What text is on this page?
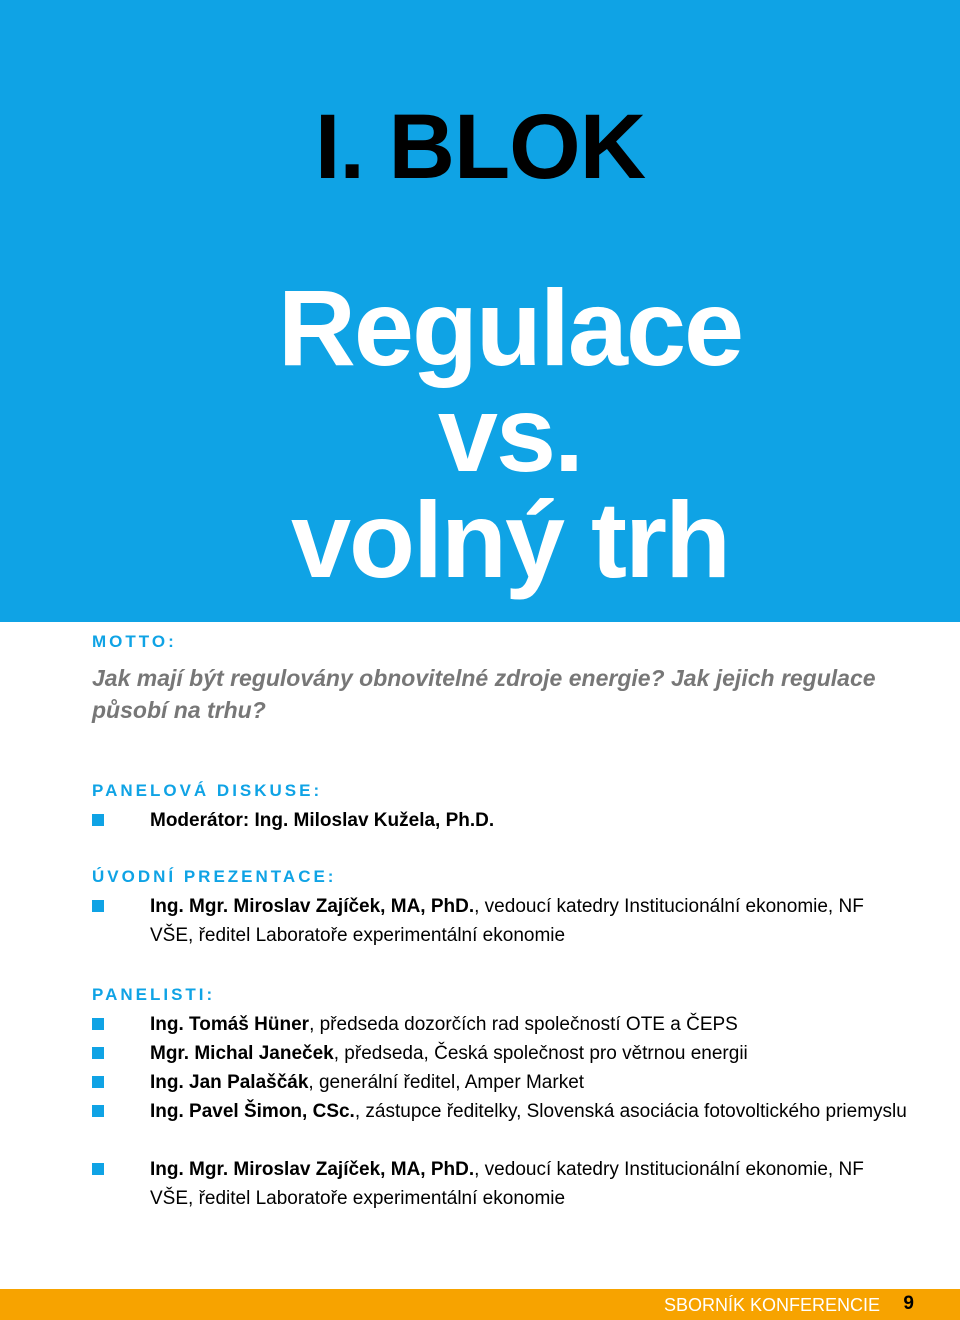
I. BLOK
Regulace
vs.
volný trh
MOTTO:
Jak mají být regulovány obnovitelné zdroje energie? Jak jejich regulace působí na trhu?
PANELOVÁ DISKUSE:
Moderátor: Ing. Miloslav Kužela, Ph.D.
ÚVODNÍ PREZENTACE:
Ing. Mgr. Miroslav Zajíček, MA, PhD., vedoucí katedry Institucionální ekonomie, NF VŠE, ředitel Laboratoře experimentální ekonomie
PANELISTI:
Ing. Tomáš Hüner, předseda dozorčích rad společností OTE a ČEPS
Mgr. Michal Janeček, předseda, Česká společnost pro větrnou energii
Ing. Jan Palaščák, generální ředitel, Amper Market
Ing. Pavel Šimon, CSc., zástupce ředitelky, Slovenská asociácia fotovoltického priemyslu
Ing. Mgr. Miroslav Zajíček, MA, PhD., vedoucí katedry Institucionální ekonomie, NF VŠE, ředitel Laboratoře experimentální ekonomie
SBORNÍK KONFERENCIE 9
